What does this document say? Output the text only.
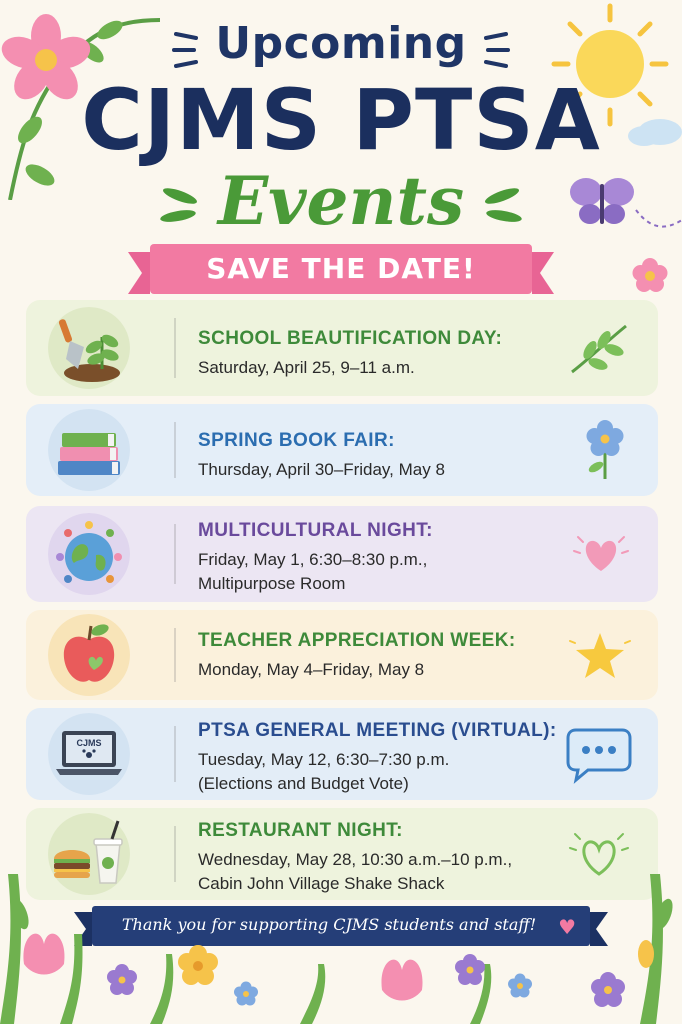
Upcoming
CJMS PTSA
Events
SAVE THE DATE!
SCHOOL BEAUTIFICATION DAY:
Saturday, April 25, 9–11 a.m.
SPRING BOOK FAIR:
Thursday, April 30–Friday, May 8
MULTICULTURAL NIGHT:
Friday, May 1, 6:30–8:30 p.m.,
Multipurpose Room
TEACHER APPRECIATION WEEK:
Monday, May 4–Friday, May 8
CJMS
PTSA GENERAL MEETING (VIRTUAL):
Tuesday, May 12, 6:30–7:30 p.m.
(Elections and Budget Vote)
RESTAURANT NIGHT:
Wednesday, May 28, 10:30 a.m.–10 p.m.,
Cabin John Village Shake Shack
Thank you for supporting CJMS students and staff!	♥
